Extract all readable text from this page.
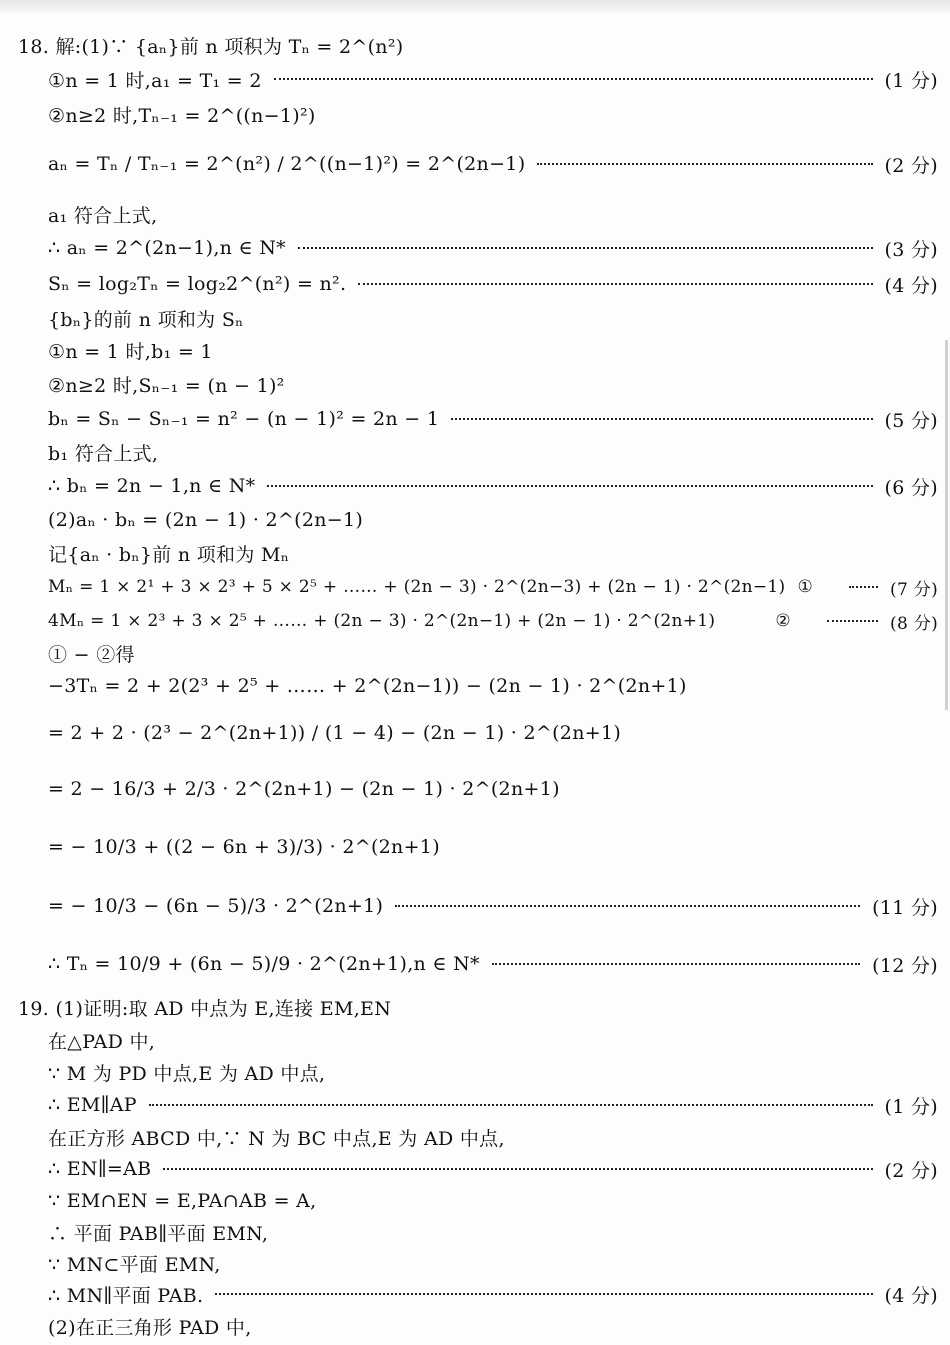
18. 解:(1)∵ {aₙ}前 n 项积为 Tₙ = 2^(n²)
①n = 1 时,a₁ = T₁ = 2	(1 分)
②n≥2 时,Tₙ₋₁ = 2^((n−1)²)
aₙ = Tₙ / Tₙ₋₁ = 2^(n²) / 2^((n−1)²) = 2^(2n−1)	(2 分)
a₁ 符合上式,
∴ aₙ = 2^(2n−1),n ∈ N*	(3 分)
Sₙ = log₂Tₙ = log₂2^(n²) = n².	(4 分)
{bₙ}的前 n 项和为 Sₙ
①n = 1 时,b₁ = 1
②n≥2 时,Sₙ₋₁ = (n − 1)²
bₙ = Sₙ − Sₙ₋₁ = n² − (n − 1)² = 2n − 1	(5 分)
b₁ 符合上式,
∴ bₙ = 2n − 1,n ∈ N*	(6 分)
(2)aₙ · bₙ = (2n − 1) · 2^(2n−1)
记{aₙ · bₙ}前 n 项和为 Mₙ
Mₙ = 1 × 2¹ + 3 × 2³ + 5 × 2⁵ + …… + (2n − 3) · 2^(2n−3) + (2n − 1) · 2^(2n−1) ①	(7 分)
4Mₙ = 1 × 2³ + 3 × 2⁵ + …… + (2n − 3) · 2^(2n−1) + (2n − 1) · 2^(2n+1)	②	(8 分)
① − ②得
−3Tₙ = 2 + 2(2³ + 2⁵ + …… + 2^(2n−1)) − (2n − 1) · 2^(2n+1)
= 2 + 2 · (2³ − 2^(2n+1)) / (1 − 4) − (2n − 1) · 2^(2n+1)
= 2 − 16/3 + 2/3 · 2^(2n+1) − (2n − 1) · 2^(2n+1)
= − 10/3 + ((2 − 6n + 3)/3) · 2^(2n+1)
= − 10/3 − (6n − 5)/3 · 2^(2n+1)	(11 分)
∴ Tₙ = 10/9 + (6n − 5)/9 · 2^(2n+1),n ∈ N*	(12 分)
19. (1)证明:取 AD 中点为 E,连接 EM,EN
在△PAD 中,
∵ M 为 PD 中点,E 为 AD 中点,
∴ EM∥AP	(1 分)
在正方形 ABCD 中,∵ N 为 BC 中点,E 为 AD 中点,
∴ EN∥=AB	(2 分)
∵ EM∩EN = E,PA∩AB = A,
∴ 平面 PAB∥平面 EMN,
∵ MN⊂平面 EMN,
∴ MN∥平面 PAB.	(4 分)
(2)在正三角形 PAD 中,
